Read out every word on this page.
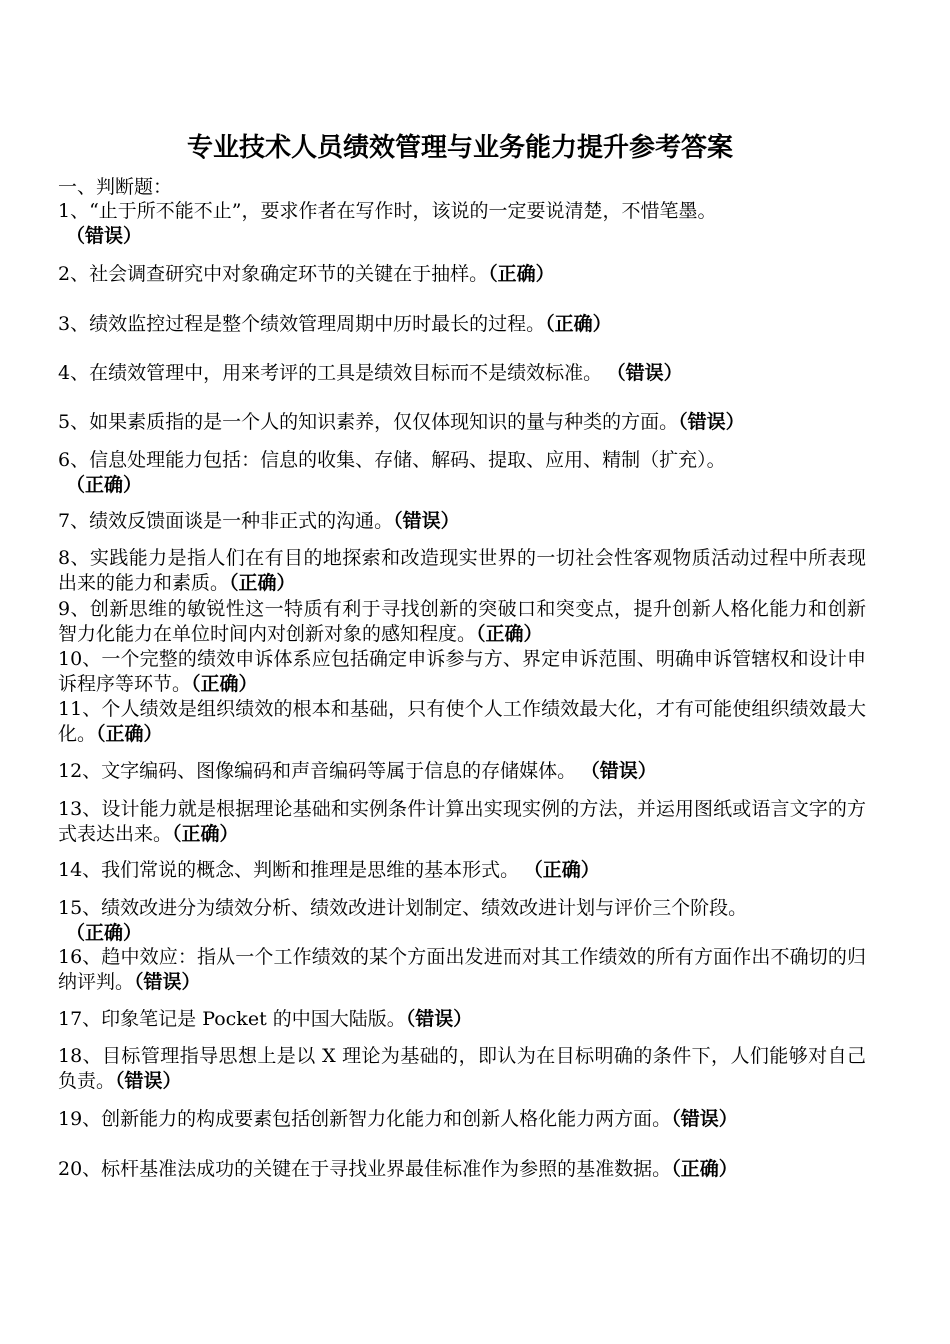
专业技术人员绩效管理与业务能力提升参考答案
一、判断题：
1、“止于所不能不止”，要求作者在写作时，该说的一定要说清楚，不惜笔墨。
（错误）
2、社会调查研究中对象确定环节的关键在于抽样。（正确）
3、绩效监控过程是整个绩效管理周期中历时最长的过程。（正确）
4、在绩效管理中，用来考评的工具是绩效目标而不是绩效标准。 （错误）
5、如果素质指的是一个人的知识素养，仅仅体现知识的量与种类的方面。（错误）
6、信息处理能力包括：信息的收集、存储、解码、提取、应用、精制（扩充）。
（正确）
7、绩效反馈面谈是一种非正式的沟通。（错误）
8、实践能力是指人们在有目的地探索和改造现实世界的一切社会性客观物质活动过程中所表现出来的能力和素质。（正确）
9、创新思维的敏锐性这一特质有利于寻找创新的突破口和突变点，提升创新人格化能力和创新智力化能力在单位时间内对创新对象的感知程度。（正确）
10、一个完整的绩效申诉体系应包括确定申诉参与方、界定申诉范围、明确申诉管辖权和设计申诉程序等环节。（正确）
11、个人绩效是组织绩效的根本和基础，只有使个人工作绩效最大化，才有可能使组织绩效最大化。（正确）
12、文字编码、图像编码和声音编码等属于信息的存储媒体。 （错误）
13、设计能力就是根据理论基础和实例条件计算出实现实例的方法，并运用图纸或语言文字的方式表达出来。（正确）
14、我们常说的概念、判断和推理是思维的基本形式。 （正确）
15、绩效改进分为绩效分析、绩效改进计划制定、绩效改进计划与评价三个阶段。
（正确）
16、趋中效应：指从一个工作绩效的某个方面出发进而对其工作绩效的所有方面作出不确切的归纳评判。（错误）
17、印象笔记是 Pocket 的中国大陆版。（错误）
18、目标管理指导思想上是以 X 理论为基础的，即认为在目标明确的条件下，人们能够对自己负责。（错误）
19、创新能力的构成要素包括创新智力化能力和创新人格化能力两方面。（错误）
20、标杆基准法成功的关键在于寻找业界最佳标准作为参照的基准数据。（正确）
